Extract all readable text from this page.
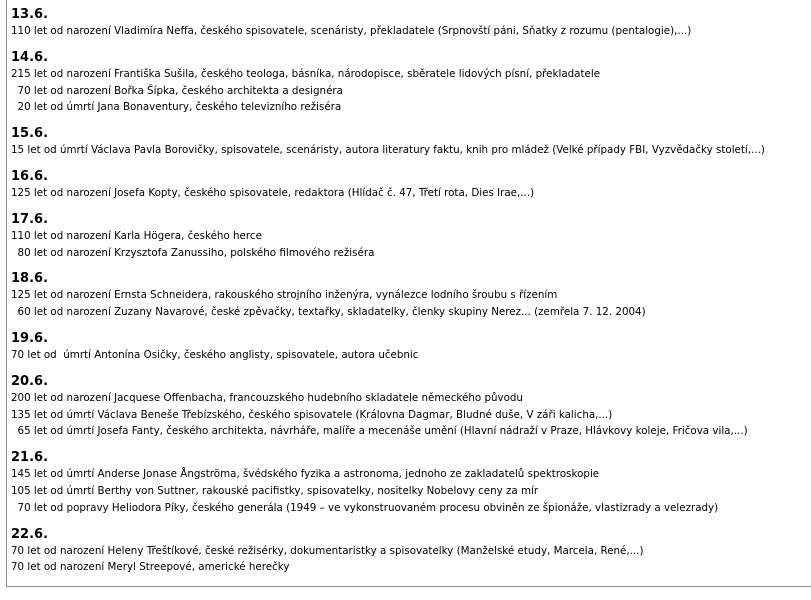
13.6.
110 let od narození Vladimíra Neffa, českého spisovatele, scenáristy, překladatele (Srpnovští páni, Sňatky z rozumu (pentalogie),...)
14.6.
215 let od narození Františka Sušila, českého teologa, básníka, národopisce, sběratele lidových písní, překladatele
70 let od narození Bořka Šípka, českého architekta a designéra
20 let od úmrtí Jana Bonaventury, českého televizního režiséra
15.6.
15 let od úmrtí Václava Pavla Borovičky, spisovatele, scenáristy, autora literatury faktu, knih pro mládež (Velké případy FBI, Vyzvědačky století,...)
16.6.
125 let od narození Josefa Kopty, českého spisovatele, redaktora (Hlídač č. 47, Třetí rota, Dies Irae,...)
17.6.
110 let od narození Karla Högera, českého herce
80 let od narození Krzysztofa Zanussiho, polského filmového režiséra
18.6.
125 let od narození Ernsta Schneidera, rakouského strojního inženýra, vynálezce lodního šroubu s řízením
60 let od narození Zuzany Navarové, české zpěvačky, textařky, skladatelky, členky skupiny Nerez... (zemřela 7. 12. 2004)
19.6.
70 let od  úmrtí Antonína Osičky, českého anglisty, spisovatele, autora učebnic
20.6.
200 let od narození Jacquese Offenbacha, francouzského hudebního skladatele německého původu
135 let od úmrtí Václava Beneše Třebízského, českého spisovatele (Královna Dagmar, Bludné duše, V záři kalicha,...)
65 let od úmrtí Josefa Fanty, českého architekta, návrháře, malíře a mecenáše umění (Hlavní nádraží v Praze, Hlávkovy koleje, Fričova vila,...)
21.6.
145 let od úmrtí Anderse Jonase Ångströma, švédského fyzika a astronoma, jednoho ze zakladatelů spektroskopie
105 let od úmrtí Berthy von Suttner, rakouské pacifistky, spisovatelky, nositelky Nobelovy ceny za mír
70 let od popravy Heliodora Píky, českého generála (1949 – ve vykonstruovaném procesu obviněn ze špionáže, vlastizrady a velezrady)
22.6.
70 let od narození Heleny Třeštíkové, české režisérky, dokumentaristky a spisovatelky (Manželské etudy, Marcela, René,...)
70 let od narození Meryl Streepové, americké herečky
